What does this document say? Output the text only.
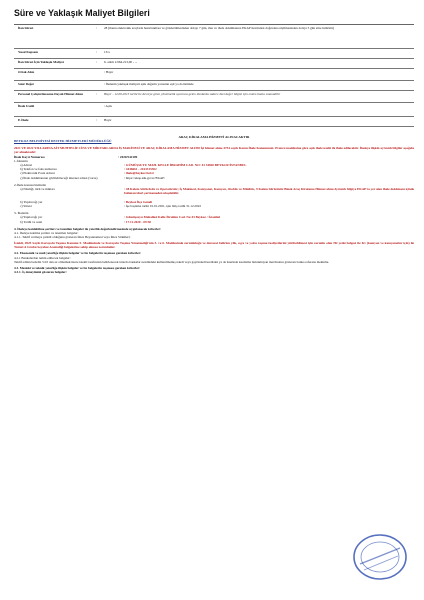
Süre ve Yaklaşık Maliyet Bilgileri
İlan Süresi	:	28 (ilanın elektronik araçlarla hazırlanması ve gönderilmesinden dolayı 7 gün, ilan ve ihale dokümanına EKAP üzerinden doğrudan erişilmesinden dolayı 5 gün süre indirimi)
Yasal Kapsam	:	13/a
İlan Süresi İçin Yaklaşık Maliyet	:	6. adım 2.964.213,00 - ...
Ortak Alım	: Hayır
Sınır Değer	: İhalenin yaklaşık maliyeti eşik değerin yarısının eşit ya da üstünde
Personel Çalıştırılmasına Dayalı Hizmet Alımı	:	Hayır - 12.06.2015 tarihi ile devreye giren yönetmelik uyarınca gelen ilanlarda sadece özet değer bilgisi için evden ilanla sınanabilir
İhale Usulü	: Açık
E-İhale	:	Hayır
ARAÇ KİRALAMA HİZMETİ ALINACAKTIR
BEYKOZ BELEDİYESİ DESTEK HİZMETLERİ MÜDÜRLÜĞÜ
2021 VE 2022 YILLARINA AİT MUHTELİF CİNS VE MİKTARLARDA İŞ MAKİNESİ VE ARAÇ KİRALAMA HİZMET ALIMI İşi hizmet alımı 4734 sayılı Kamu İhale Kanununun 19 uncu maddesine göre açık ihale usulü ile ihale edilecektir. İhaleye ilişkin ayrıntılı bilgiler aşağıda yer almaktadır:
İhale Kayıt Numarası	: 2020/542109
1-İdarenin
a) Adresi	: GÜMÜŞSUYU MAH. KELLE İBRAHİM CAD. NO: 43 34820 BEYKOZ/İSTANBUL
b) Telefon ve faks numarası	: 4446661 - 2163315302
c) Elektronik Posta Adresi	: ihale@beykoz.bel.tr
ç) İhale dokümanının görülebileceği internet adresi (varsa)	: https://ekap.kik.gov.tr/EKAP/
2-İhale konusu hizmetin
a) Niteliği, türü ve miktarı	: 48 Kalem Sürücüsüz ve Operatörsüz; İş Makinesi, Kamyonet, Kamyon, Otobüs ve Minibüs, 9 Kalem Sürücüsüz Binek Araç Kiralama Hizmet alımı Ayrıntılı bilgiye EKAP'ta yer alan ihale dokümanı içinde bulunan idari şartnameden ulaşılabilir.
b) Yapılacağı yer	: Beykoz İlçe Geneli
c) Süresi	: İşe başlama tarihi 01.01.2021, işin bitiş tarihi 31.12.2022
3- İhalenin
a) Yapılacağı yer	: Gümüşsuyu Mahallesi Kelle İbrahim Cad. No:43 Beykoz / İstanbul
b) Tarihi ve saati	: 17.11.2020 - 09:30
4. İhaleye katılabilme şartları ve istenilen belgeler ile yeterlik değerlendirmesinde uygulanacak kriterler:
4.1. İhaleye katılma şartları ve istenilen belgeler:
4.1.1. Teklif vermeye yetkili olduğunu gösteren İmza Beyannamesi veya İmza Sirküleri;
İstekli, 4925 Sayılı Karayolu Taşıma Kanunu 5. Maddesinde ve Karayolu Taşıma Yönetmeliği'nin 5. ve 6. Maddesinde zorunluluğu ve derecesi belirlen yük, eşya ve yolcu taşıma faaliyetlerini yürütebilmesi için zorunlu olan H2 yetki belgesi ile K1 (kamyon ve kamyonetler için) ile Turuzi A Grubu Seyahat Acenteliği belgelerine sahip olması zorunludur.
4.2. Ekonomik ve mali yeterliğe ilişkin belgeler ve bu belgelerin taşıması gereken kriterler:
4.2.1 Bankalardan temin edilecek belgeler:
Teklif edilen bedelin %10 dan az olmamak üzere istekli tarafından belirlenecek tutarda bankalar nezdindeki kullanılmamış nakdi veya gayrinakdi kredisini ya da üzerinde kısıtlama bulunmayan mevduatını gösteren banka referans mektubu.
4.3. Mesleki ve teknik yeterliğe ilişkin belgeler ve bu belgelerin taşıması gereken kriterler:
4.3.1. İş deneyimini gösteren belgeler:
